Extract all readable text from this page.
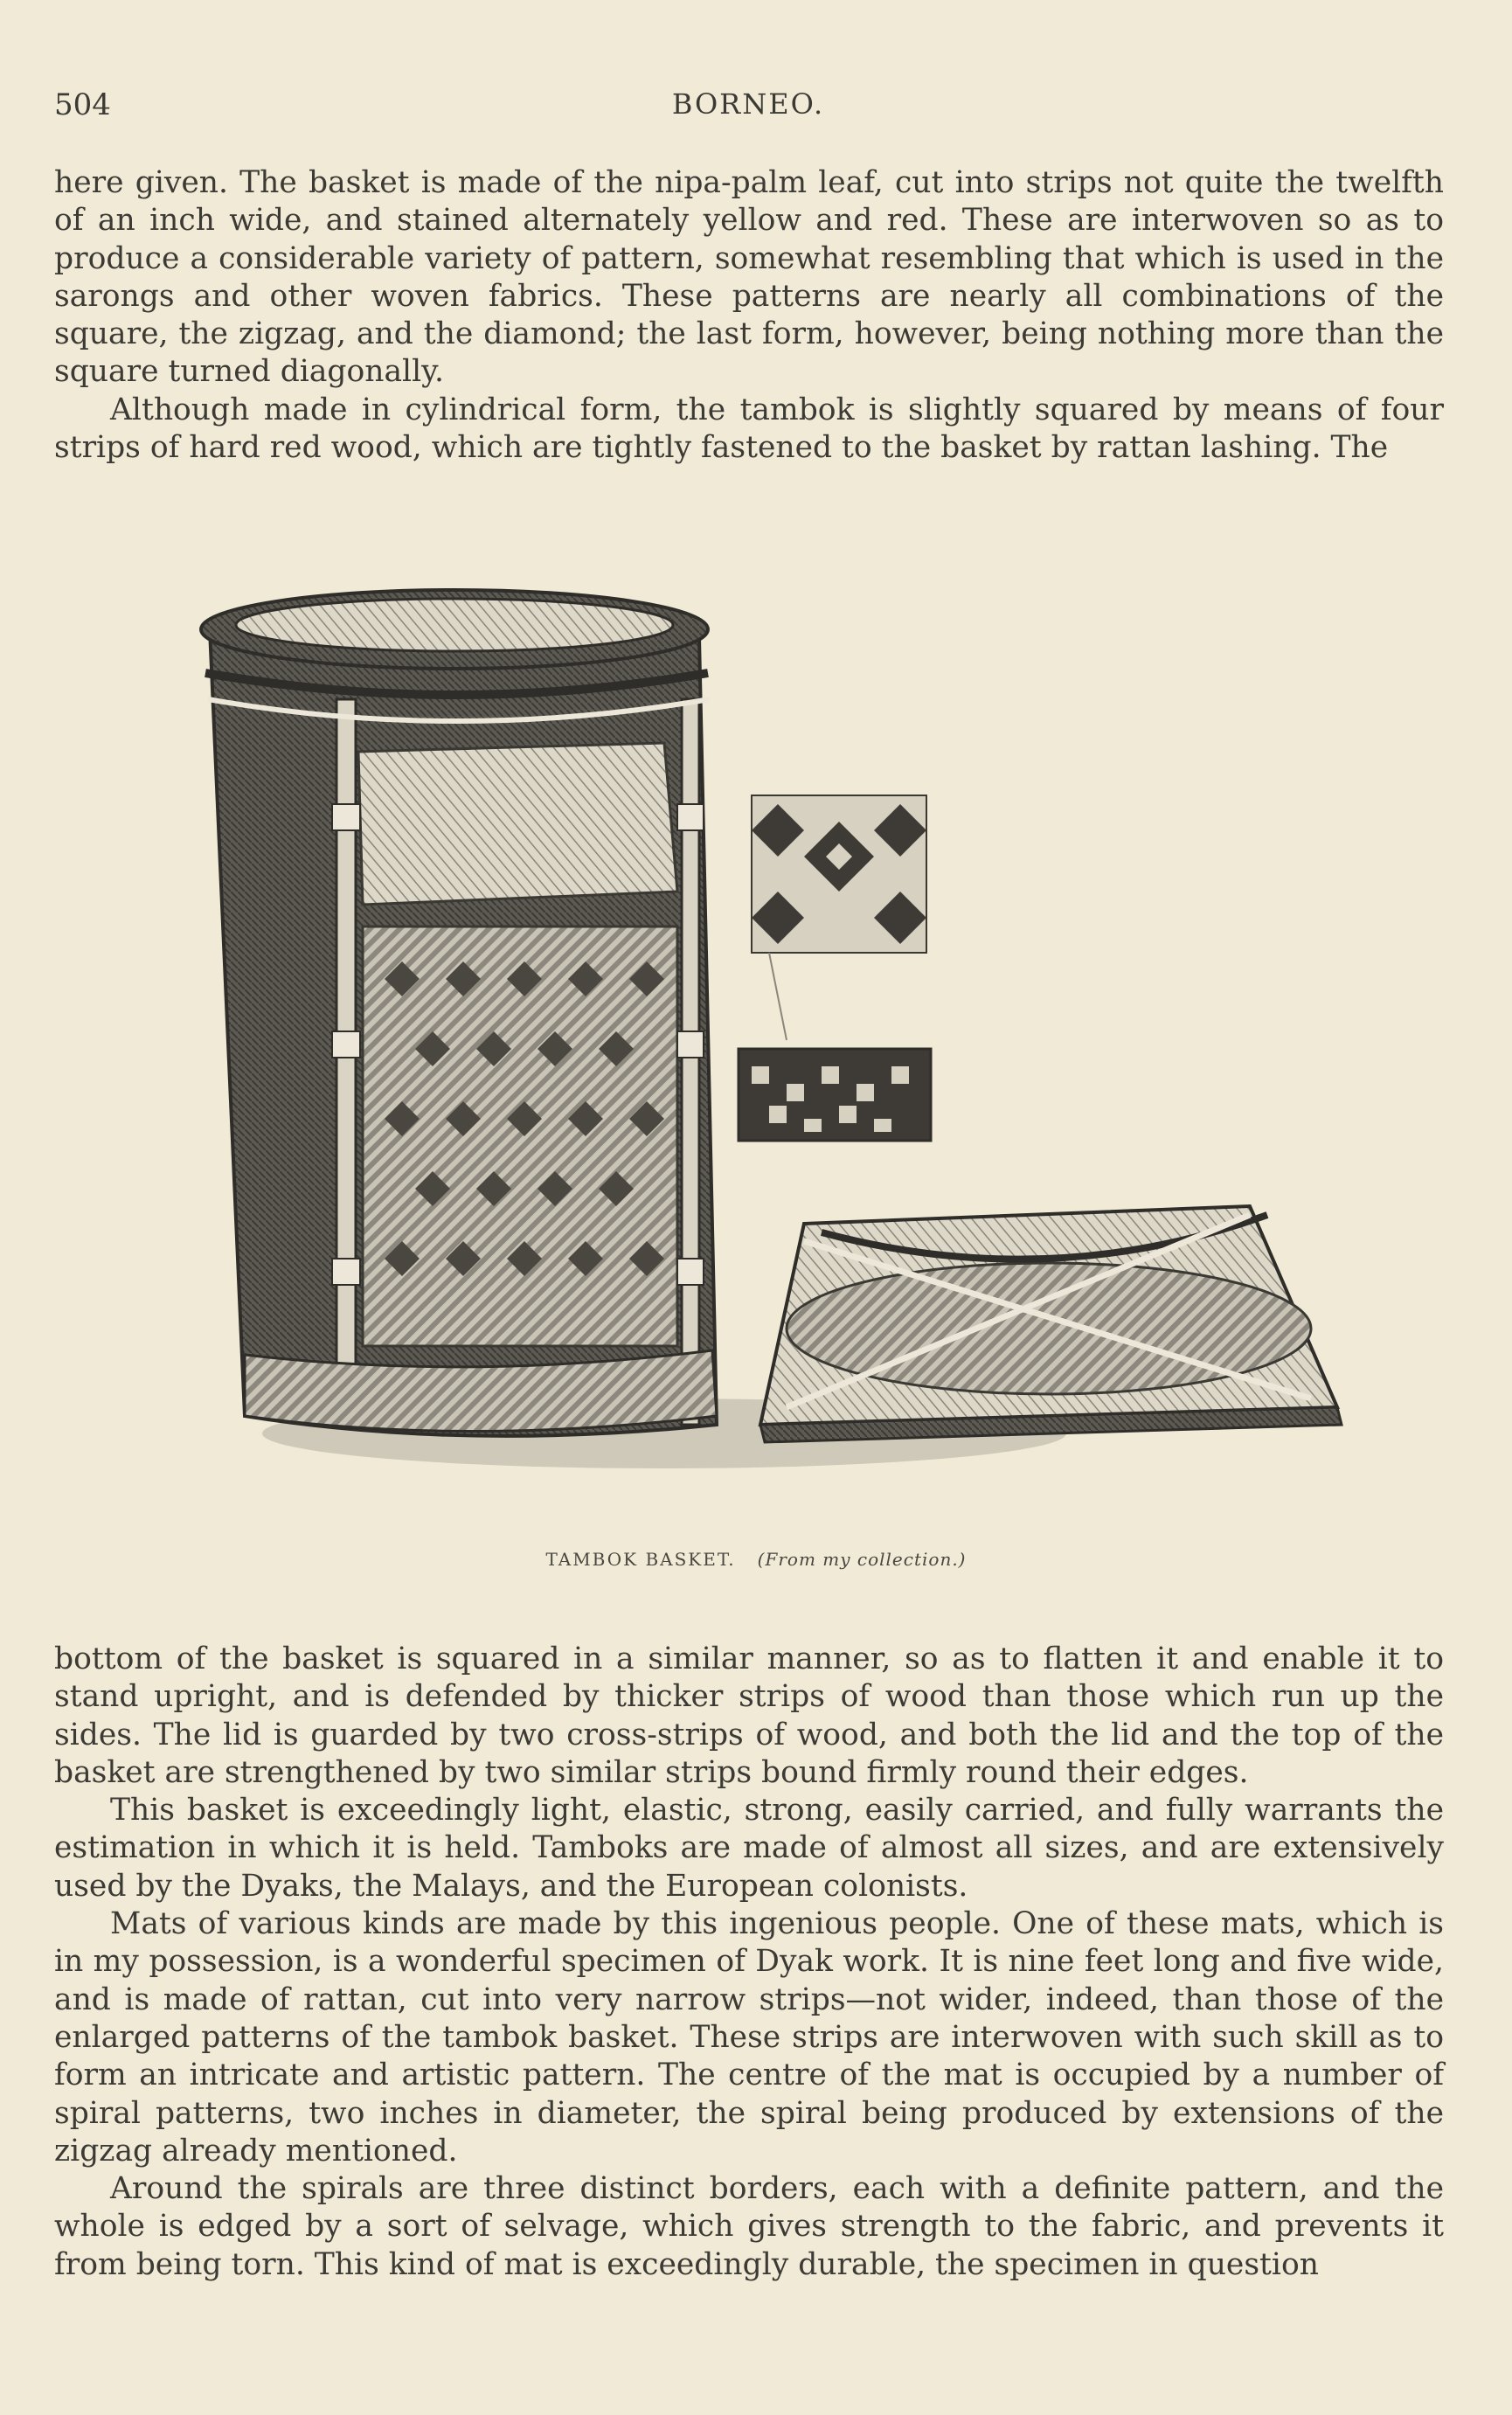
504	BORNEO.

here given. The basket is made of the nipa-palm leaf, cut into strips not quite the twelfth of an inch wide, and stained alternately yellow and red. These are interwoven so as to produce a considerable variety of pattern, somewhat resembling that which is used in the sarongs and other woven fabrics. These patterns are nearly all combinations of the square, the zigzag, and the diamond; the last form, however, being nothing more than the square turned diagonally.

Although made in cylindrical form, the tambok is slightly squared by means of four strips of hard red wood, which are tightly fastened to the basket by rattan lashing. The

TAMBOK BASKET. (From my collection.)

bottom of the basket is squared in a similar manner, so as to flatten it and enable it to stand upright, and is defended by thicker strips of wood than those which run up the sides. The lid is guarded by two cross-strips of wood, and both the lid and the top of the basket are strengthened by two similar strips bound firmly round their edges.

This basket is exceedingly light, elastic, strong, easily carried, and fully warrants the estimation in which it is held. Tamboks are made of almost all sizes, and are extensively used by the Dyaks, the Malays, and the European colonists.

Mats of various kinds are made by this ingenious people. One of these mats, which is in my possession, is a wonderful specimen of Dyak work. It is nine feet long and five wide, and is made of rattan, cut into very narrow strips—not wider, indeed, than those of the enlarged patterns of the tambok basket. These strips are interwoven with such skill as to form an intricate and artistic pattern. The centre of the mat is occupied by a number of spiral patterns, two inches in diameter, the spiral being produced by extensions of the zigzag already mentioned.

Around the spirals are three distinct borders, each with a definite pattern, and the whole is edged by a sort of selvage, which gives strength to the fabric, and prevents it from being torn. This kind of mat is exceedingly durable, the specimen in question
